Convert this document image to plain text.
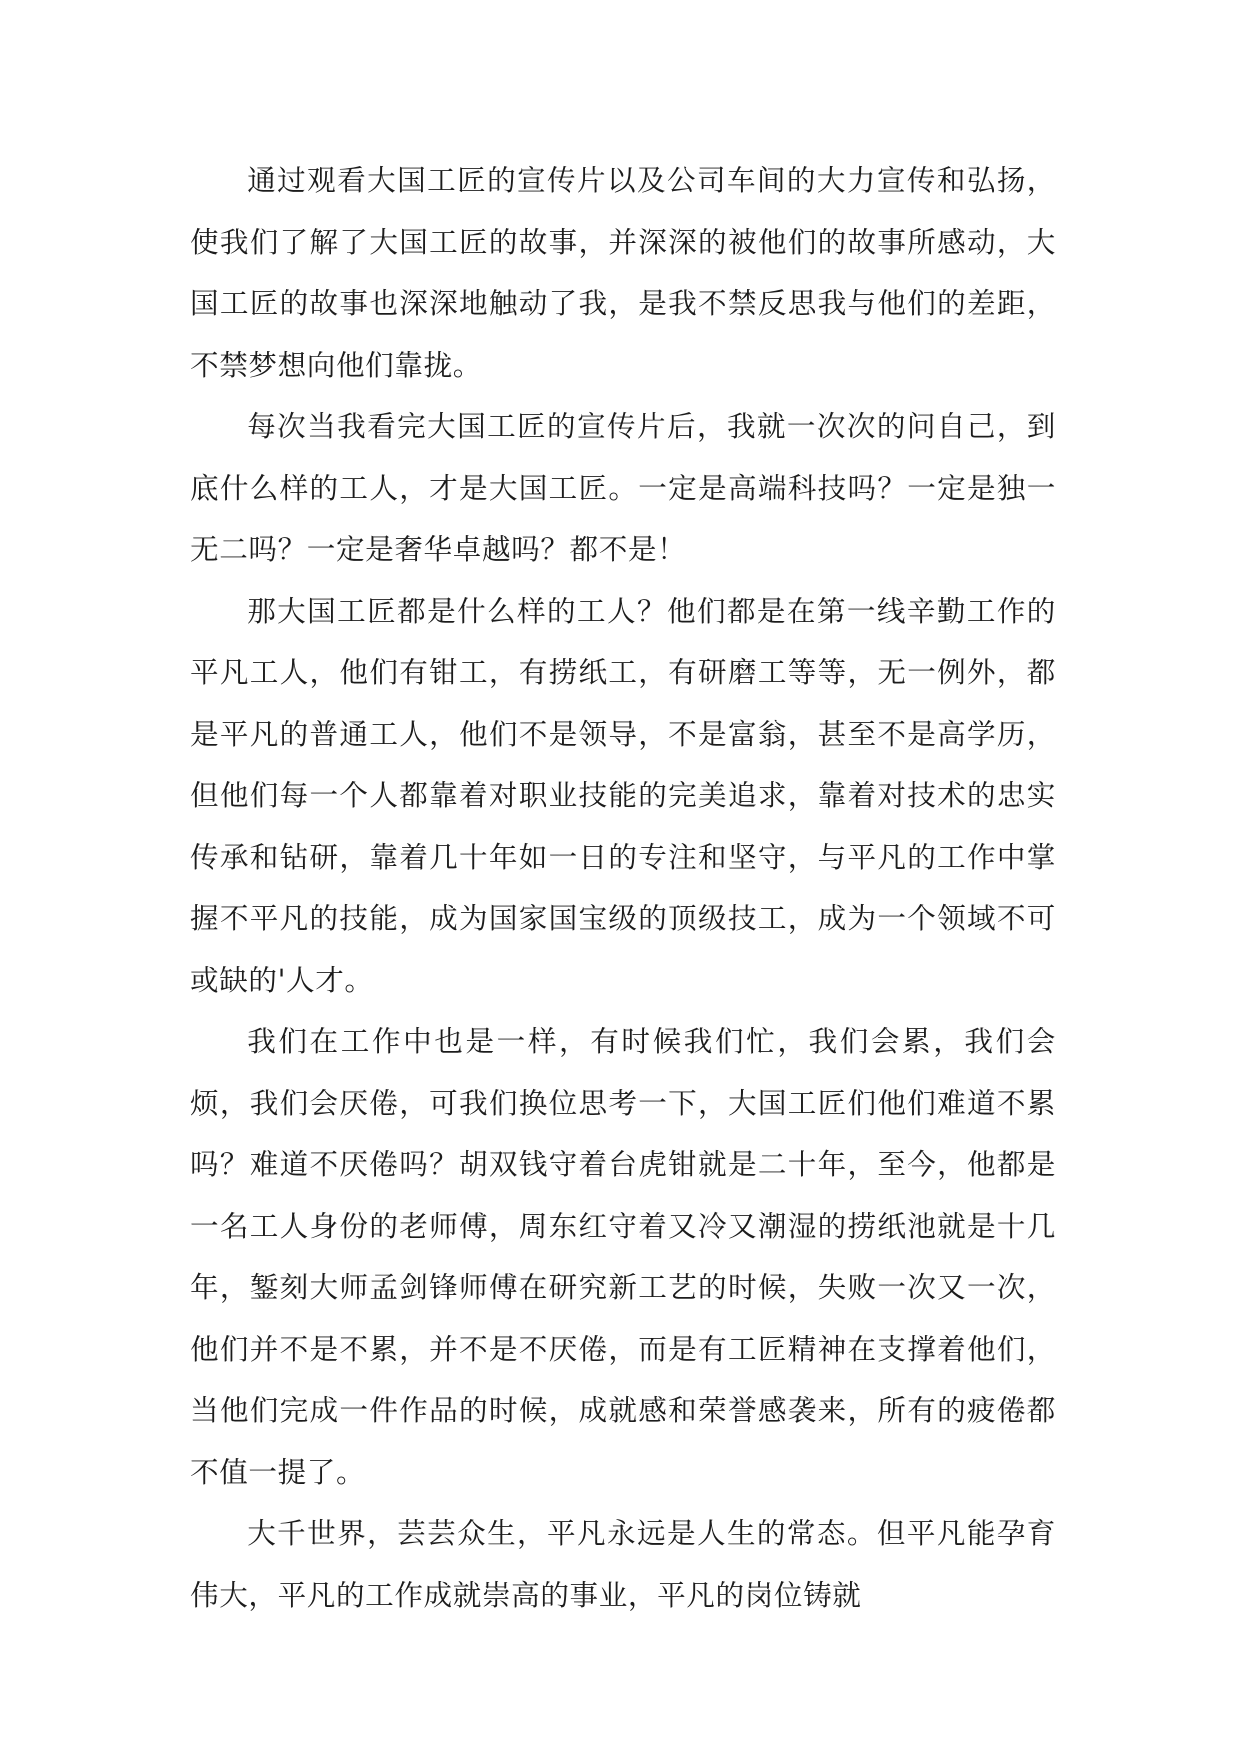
通过观看大国工匠的宣传片以及公司车间的大力宣传和弘扬，使我们了解了大国工匠的故事，并深深的被他们的故事所感动，大国工匠的故事也深深地触动了我，是我不禁反思我与他们的差距，不禁梦想向他们靠拢。

每次当我看完大国工匠的宣传片后，我就一次次的问自己，到底什么样的工人，才是大国工匠。一定是高端科技吗？一定是独一无二吗？一定是奢华卓越吗？都不是！

那大国工匠都是什么样的工人？他们都是在第一线辛勤工作的平凡工人，他们有钳工，有捞纸工，有研磨工等等，无一例外，都是平凡的普通工人，他们不是领导，不是富翁，甚至不是高学历，但他们每一个人都靠着对职业技能的完美追求，靠着对技术的忠实传承和钻研，靠着几十年如一日的专注和坚守，与平凡的工作中掌握不平凡的技能，成为国家国宝级的顶级技工，成为一个领域不可或缺的'人才。

我们在工作中也是一样，有时候我们忙，我们会累，我们会烦，我们会厌倦，可我们换位思考一下，大国工匠们他们难道不累吗？难道不厌倦吗？胡双钱守着台虎钳就是二十年，至今，他都是一名工人身份的老师傅，周东红守着又冷又潮湿的捞纸池就是十几年，錾刻大师孟剑锋师傅在研究新工艺的时候，失败一次又一次，他们并不是不累，并不是不厌倦，而是有工匠精神在支撑着他们，当他们完成一件作品的时候，成就感和荣誉感袭来，所有的疲倦都不值一提了。

大千世界，芸芸众生，平凡永远是人生的常态。但平凡能孕育伟大，平凡的工作成就崇高的事业，平凡的岗位铸就
